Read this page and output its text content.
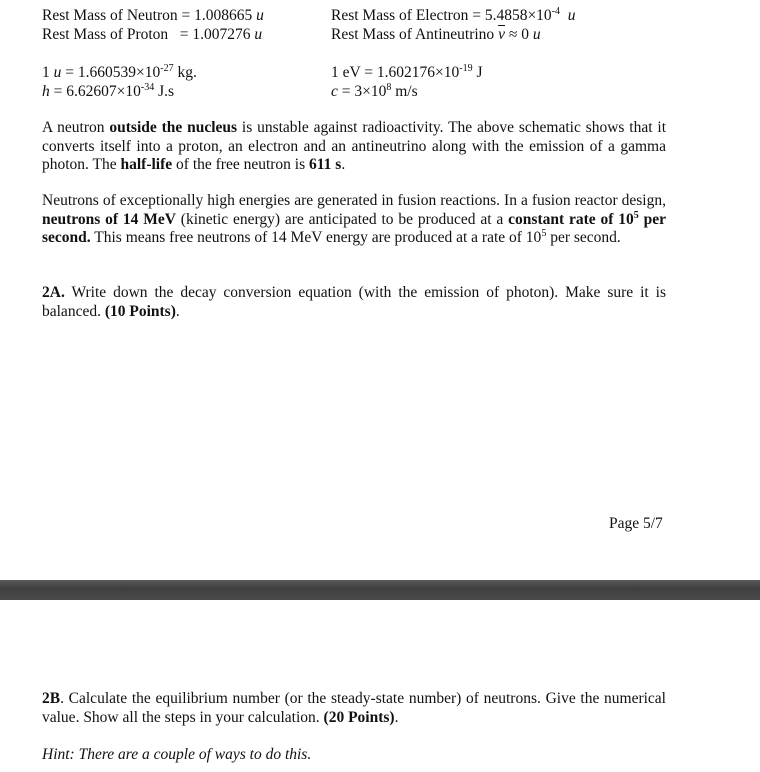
Rest Mass of Neutron = 1.008665 u
Rest Mass of Proton = 1.007276 u
Rest Mass of Electron = $5.4858\times 10^{-4}$ u
Rest Mass of Antineutrino $\overline{\nu} \approx 0$ u
1 $u = 1.660539\times 10^{-27}$ kg.
$h = 6.62607\times 10^{-34}$ J.s
1 eV = $1.602176\times 10^{-19}$ J
$c = 3\times 10^8$ m/s
A neutron outside the nucleus is unstable against radioactivity. The above schematic shows that it converts itself into a proton, an electron and an antineutrino along with the emission of a gamma photon. The half-life of the free neutron is 611 s.
Neutrons of exceptionally high energies are generated in fusion reactions. In a fusion reactor design, neutrons of 14 MeV (kinetic energy) are anticipated to be produced at a constant rate of $10^5$ per second. This means free neutrons of 14 MeV energy are produced at a rate of $10^5$ per second.
2A. Write down the decay conversion equation (with the emission of photon). Make sure it is balanced. (10 Points).
Page 5/7
2B. Calculate the equilibrium number (or the steady-state number) of neutrons. Give the numerical value. Show all the steps in your calculation. (20 Points).
Hint: There are a couple of ways to do this.
